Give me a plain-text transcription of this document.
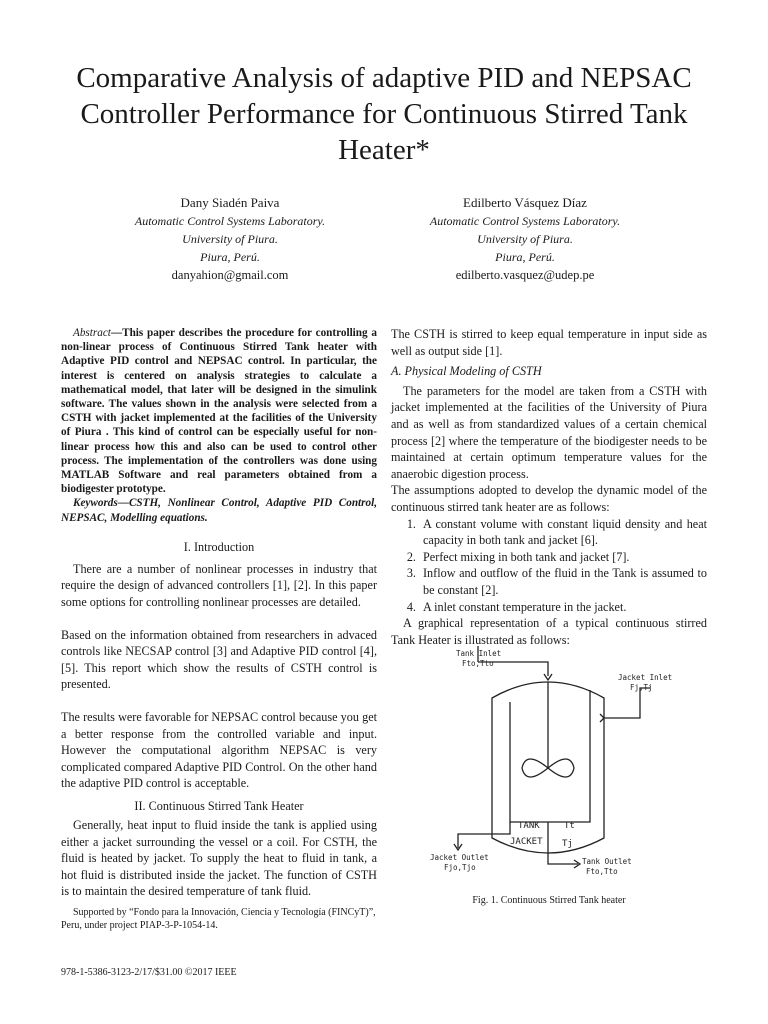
Comparative Analysis of adaptive PID and NEPSAC Controller Performance for Continuous Stirred Tank Heater*
Dany Siadén Paiva
Automatic Control Systems Laboratory.
University of Piura.
Piura, Perú.
danyahion@gmail.com
Edilberto Vásquez Díaz
Automatic Control Systems Laboratory.
University of Piura.
Piura, Perú.
edilberto.vasquez@udep.pe

Abstract—This paper describes the procedure for controlling a non-linear process of Continuous Stirred Tank heater with Adaptive PID control and NEPSAC control. In particular, the interest is centered on analysis strategies to calculate a mathematical model, that later will be designed in the simulink software. The values shown in the analysis were selected from a CSTH with jacket implemented at the facilities of the University of Piura . This kind of control can be especially useful for non-linear process how this and also can be used to control other process. The implementation of the controllers was done using MATLAB Software and real parameters obtained from a biodigester prototype.

Keywords—CSTH, Nonlinear Control, Adaptive PID Control, NEPSAC, Modelling equations.

I. Introduction

There are a number of nonlinear processes in industry that require the design of advanced controllers [1], [2]. In this paper some options for controlling nonlinear processes are detailed.

Based on the information obtained from researchers in advaced controls like NECSAP control [3] and Adaptive PID control [4], [5]. This report which show the results of CSTH control is presented.

The results were favorable for NEPSAC control because you get a better response from the controlled variable and input. However the computational algorithm NEPSAC is very complicated compared Adaptive PID Control. On the other hand the adaptive PID control is acceptable.

II. Continuous Stirred Tank Heater

Generally, heat input to fluid inside the tank is applied using either a jacket surrounding the vessel or a coil. For CSTH, the fluid is heated by jacket. To supply the heat to fluid in tank, a hot fluid is distributed inside the jacket. The function of CSTH is to maintain the desired temperature of tank fluid.

Supported by “Fondo para la Innovación, Ciencia y Tecnología (FINCyT)”, Peru, under project PIAP-3-P-1054-14.
978-1-5386-3123-2/17/$31.00 ©2017 IEEE

The CSTH is stirred to keep equal temperature in input side as well as output side [1].

A. Physical Modeling of CSTH

The parameters for the model are taken from a CSTH with jacket implemented at the facilities of the University of Piura and as well as from standardized values of a certain chemical process [2] where the temperature of the biodigester needs to be maintained at certain optimum temperature values for the anaerobic digestion process.

The assumptions adopted to develop the dynamic model of the continuous stirred tank heater are as follows:

1. A constant volume with constant liquid density and heat capacity in both tank and jacket [6].
2. Perfect mixing in both tank and jacket [7].
3. Inflow and outflow of the fluid in the Tank is assumed to be constant [2].
4. A inlet constant temperature in the jacket.

A graphical representation of a typical continuous stirred Tank Heater is illustrated as follows:

Tank Inlet
Fto,Tto
Jacket Inlet
Fj,Tj
TANK	Tt
JACKET Tj
Jacket Outlet
Fjo,Tjo
Tank Outlet
Fto,Tto
Fig. 1. Continuous Stirred Tank heater
